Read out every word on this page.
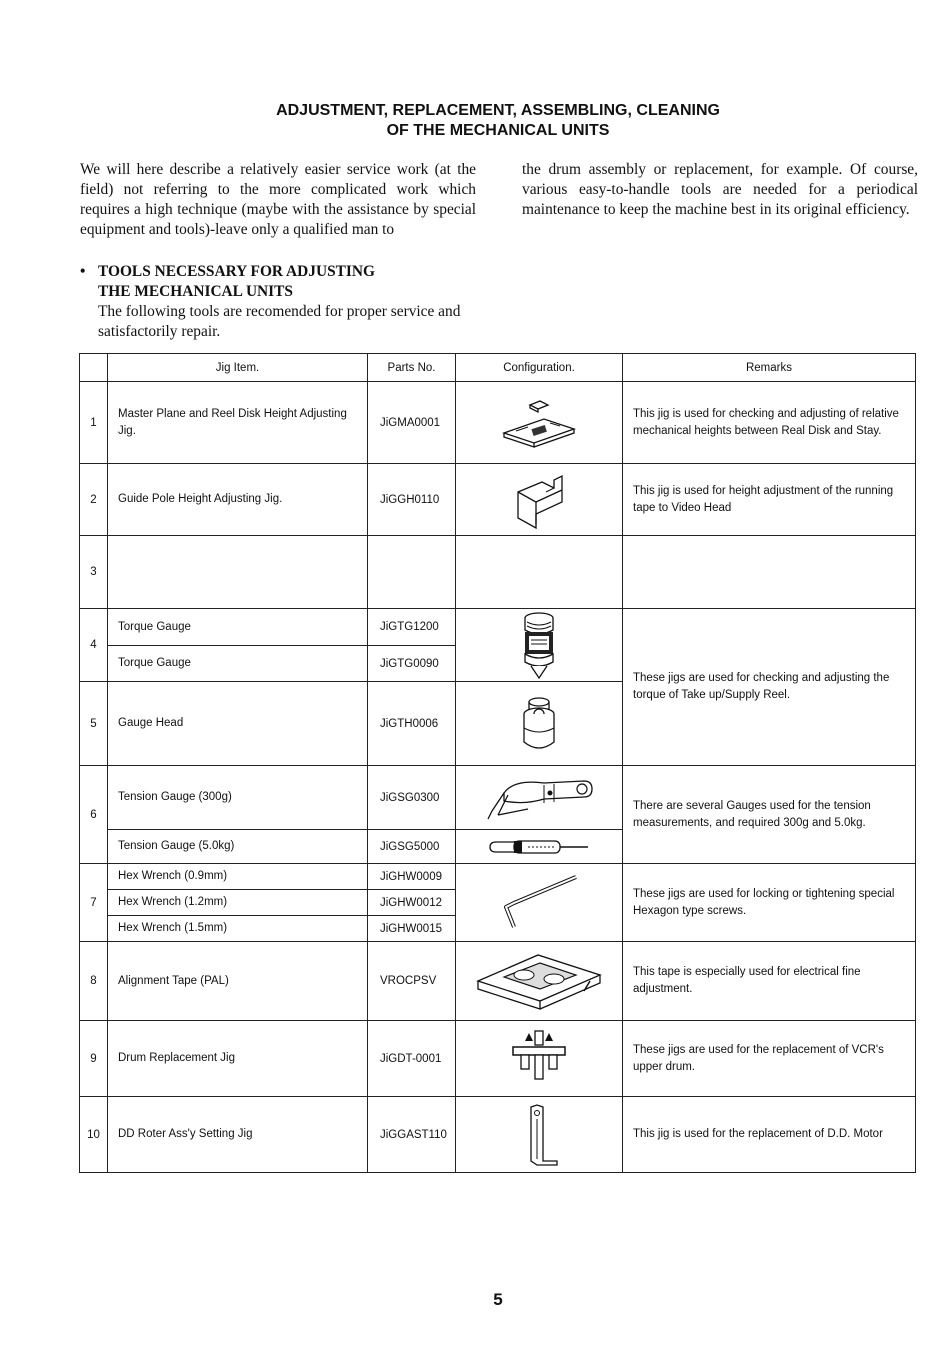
ADJUSTMENT, REPLACEMENT, ASSEMBLING, CLEANING
OF THE MECHANICAL UNITS
We will here describe a relatively easier service work (at the field) not referring to the more complicated work which requires a high technique (maybe with the assistance by special equipment and tools)-leave only a qualified man to
the drum assembly or replacement, for example. Of course, various easy-to-handle tools are needed for a periodical maintenance to keep the machine best in its original efficiency.
• TOOLS NECESSARY FOR ADJUSTING
THE MECHANICAL UNITS
The following tools are recomended for proper service and satisfactorily repair.
	Jig Item.	Parts No.	Configuration.	Remarks
1	Master Plane and Reel Disk Height Adjusting Jig.	JiGMA0001		This jig is used for checking and adjusting of relative mechanical heights between Real Disk and Stay.
2	Guide Pole Height Adjusting Jig.	JiGGH0110		This jig is used for height adjustment of the running tape to Video Head
3				
4	Torque Gauge	JiGTG1200		These jigs are used for checking and adjusting the torque of Take up/Supply Reel.
	Torque Gauge	JiGTG0090		
5	Gauge Head	JiGTH0006	

6	Tension Gauge (300g)	JiGSG0300		There are several Gauges used for the tension measurements, and required 300g and 5.0kg.
	Tension Gauge (5.0kg)	JiGSG5000	

7	Hex Wrench (0.9mm)	JiGHW0009		These jigs are used for locking or tightening special Hexagon type screws.
	Hex Wrench (1.2mm)	JiGHW0012		
	Hex Wrench (1.5mm)	JiGHW0015		
8	Alignment Tape (PAL)	VROCPSV		This tape is especially used for electrical fine adjustment.
9	Drum Replacement Jig	JiGDT-0001		These jigs are used for the replacement of VCR's upper drum.
10	DD Roter Ass'y Setting Jig	JiGGAST110		This jig is used for the replacement of D.D. Motor
5
